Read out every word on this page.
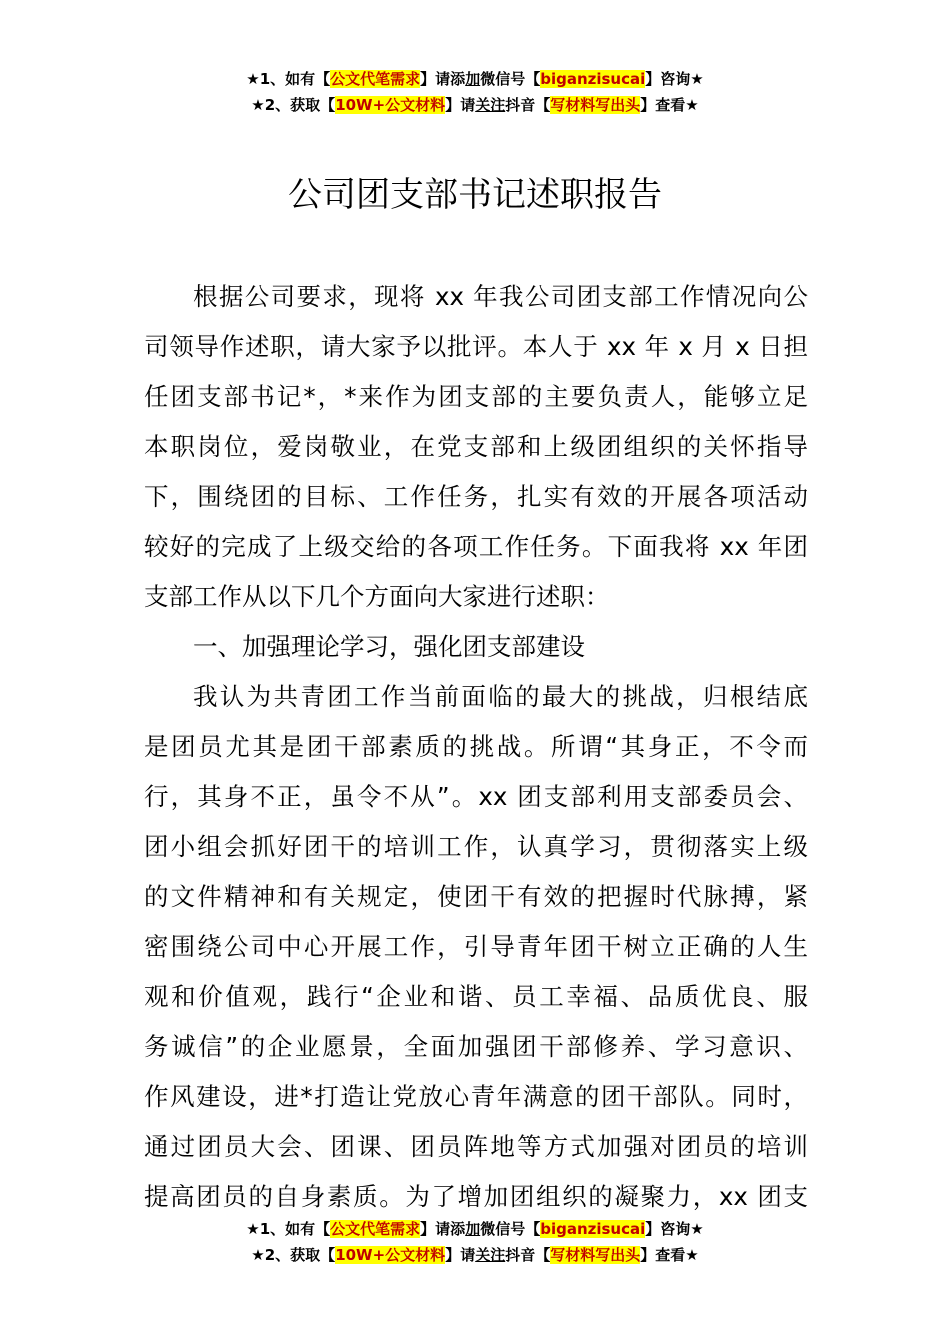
★1、如有【公文代笔需求】请添加微信号【biganzisucai】咨询★
★2、获取【10W+公文材料】请关注抖音【写材料写出头】查看★
公司团支部书记述职报告
根据公司要求，现将 xx 年我公司团支部工作情况向公
司领导作述职，请大家予以批评。本人于 xx 年 x 月 x 日担
任团支部书记*，*来作为团支部的主要负责人，能够立足
本职岗位，爱岗敬业，在党支部和上级团组织的关怀指导
下，围绕团的目标、工作任务，扎实有效的开展各项活动
较好的完成了上级交给的各项工作任务。下面我将 xx 年团
支部工作从以下几个方面向大家进行述职：
一、加强理论学习，强化团支部建设
我认为共青团工作当前面临的最大的挑战，归根结底
是团员尤其是团干部素质的挑战。所谓“其身正，不令而
行，其身不正，虽令不从”。xx 团支部利用支部委员会、
团小组会抓好团干的培训工作，认真学习，贯彻落实上级
的文件精神和有关规定，使团干有效的把握时代脉搏，紧
密围绕公司中心开展工作，引导青年团干树立正确的人生
观和价值观，践行“企业和谐、员工幸福、品质优良、服
务诚信”的企业愿景，全面加强团干部修养、学习意识、
作风建设，进*打造让党放心青年满意的团干部队。同时，
通过团员大会、团课、团员阵地等方式加强对团员的培训
提高团员的自身素质。为了增加团组织的凝聚力，xx 团支
★1、如有【公文代笔需求】请添加微信号【biganzisucai】咨询★
★2、获取【10W+公文材料】请关注抖音【写材料写出头】查看★
